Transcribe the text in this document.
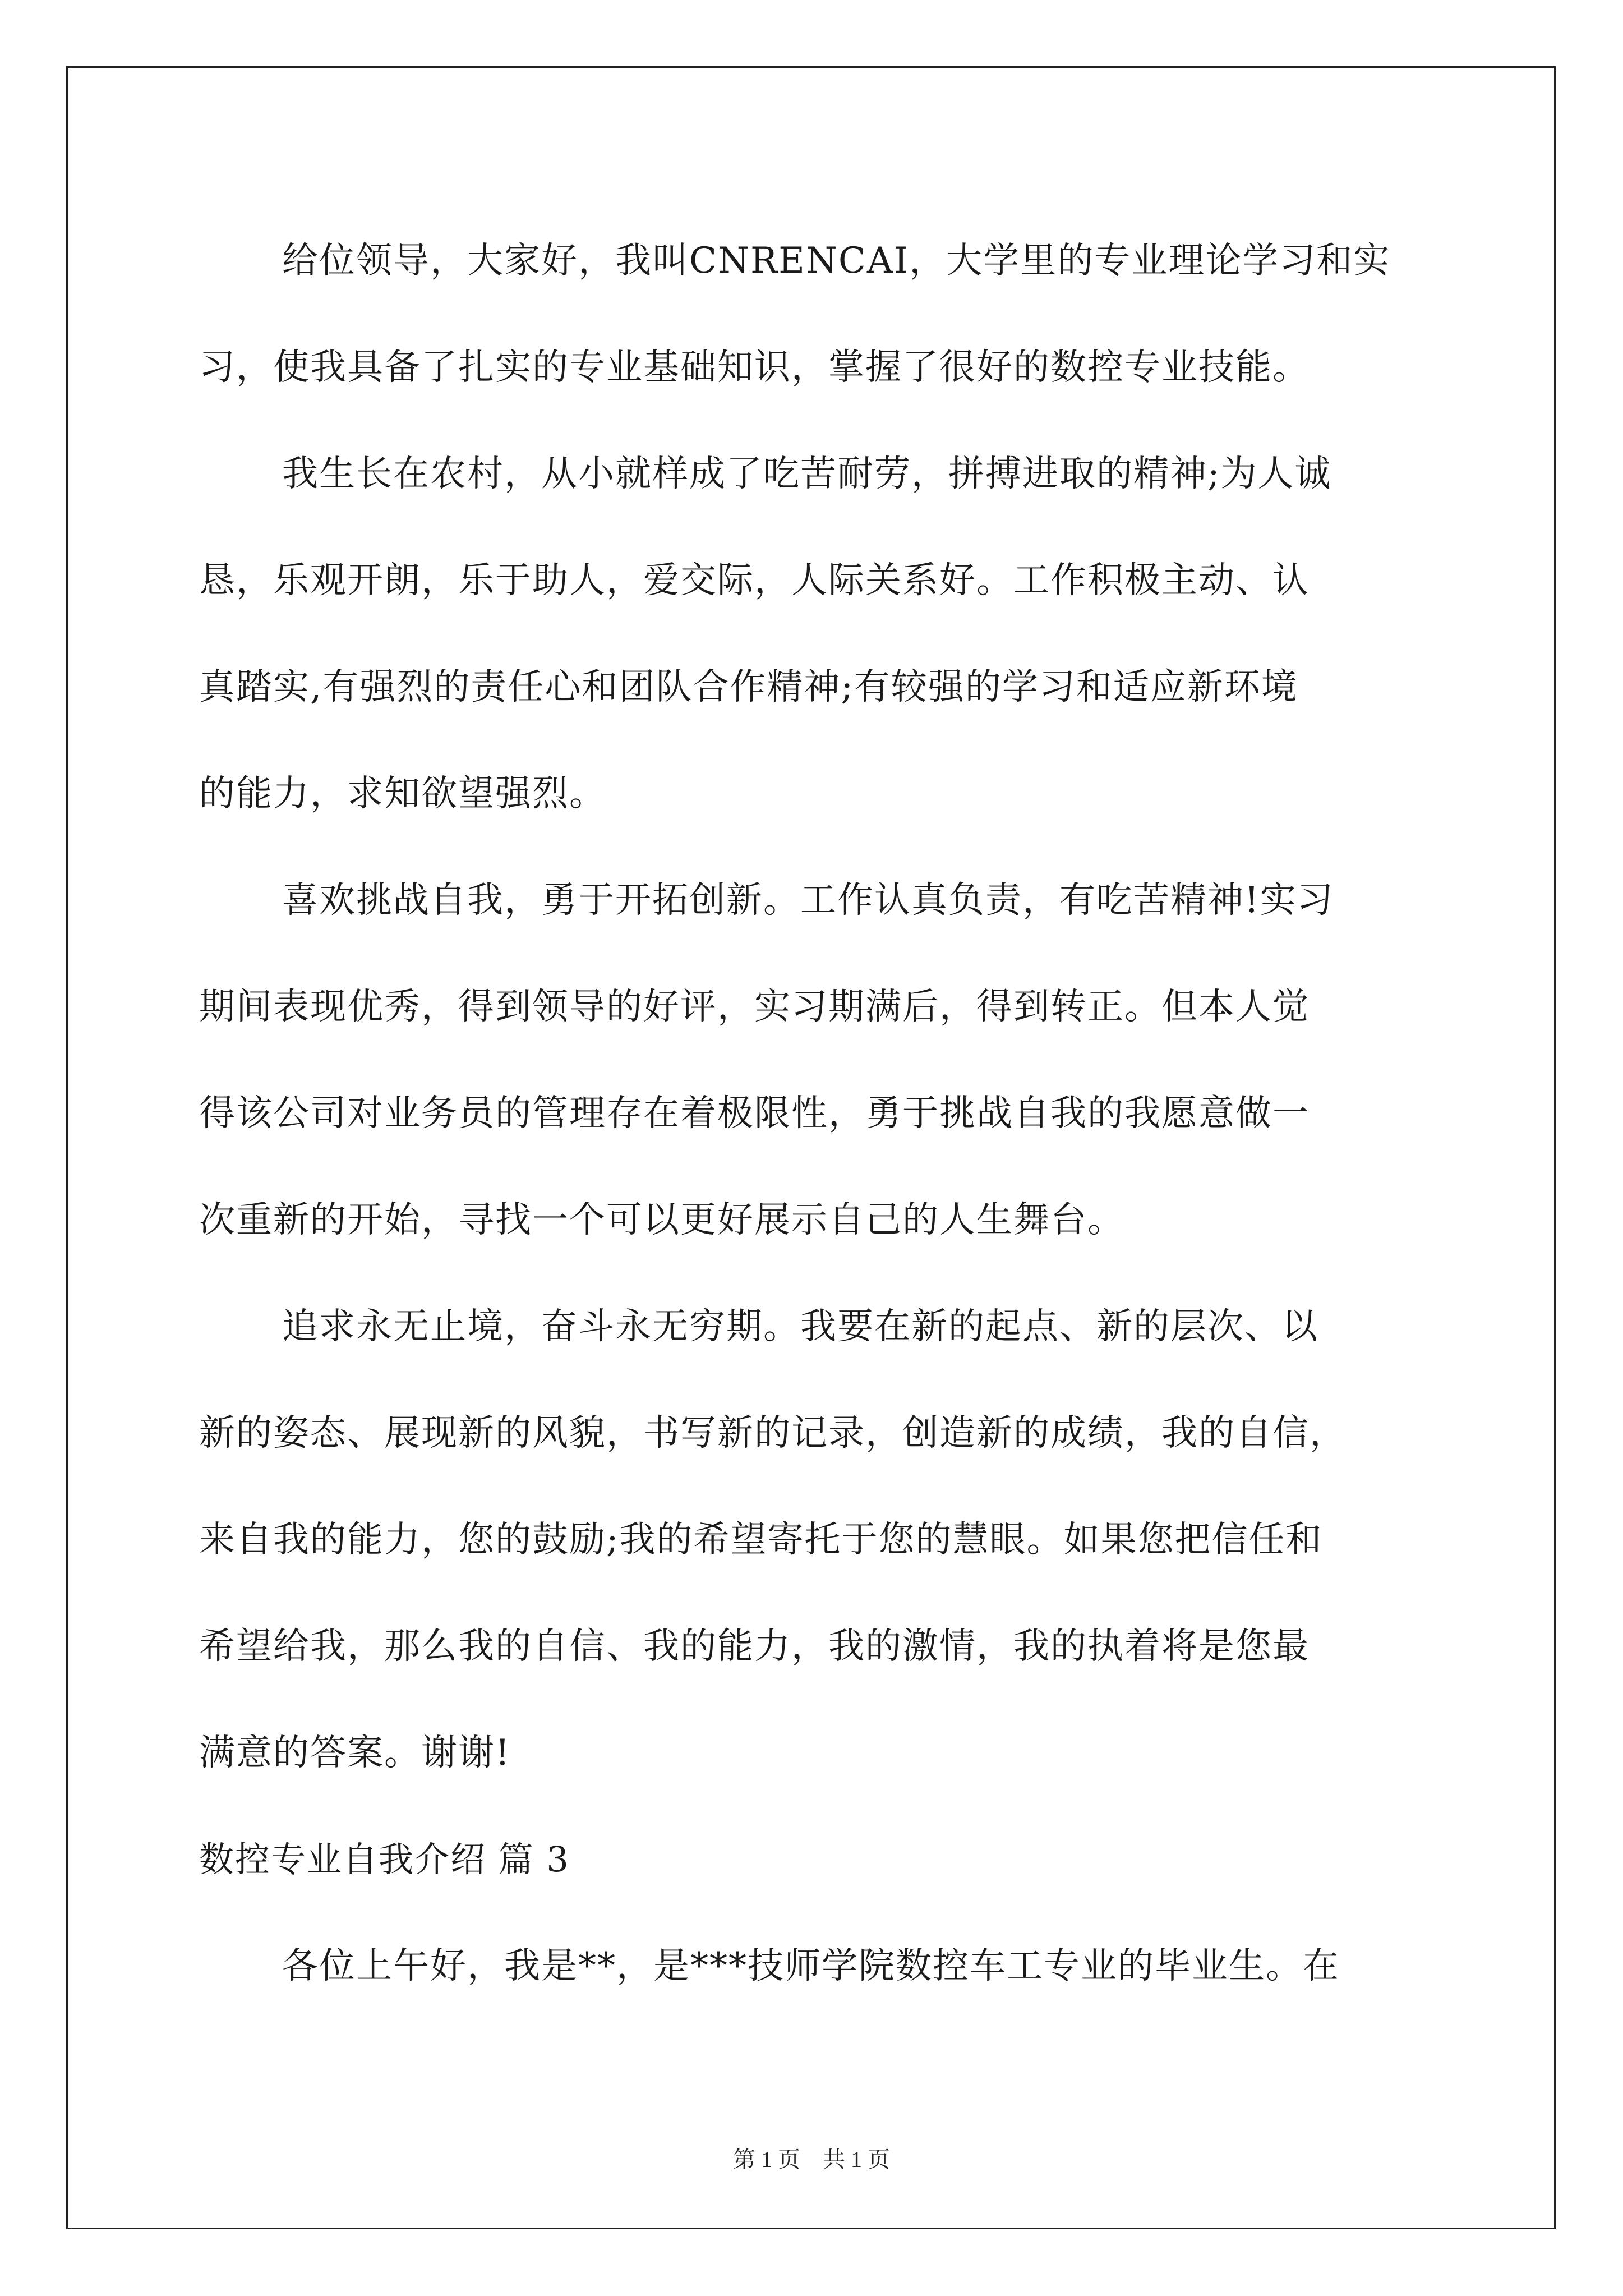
给位领导，大家好，我叫CNRENCAI，大学里的专业理论学习和实
习，使我具备了扎实的专业基础知识，掌握了很好的数控专业技能。
我生长在农村，从小就样成了吃苦耐劳，拼搏进取的精神;为人诚
恳，乐观开朗，乐于助人，爱交际，人际关系好。工作积极主动、认
真踏实,有强烈的责任心和团队合作精神;有较强的学习和适应新环境
的能力，求知欲望强烈。
喜欢挑战自我，勇于开拓创新。工作认真负责，有吃苦精神!实习
期间表现优秀，得到领导的好评，实习期满后，得到转正。但本人觉
得该公司对业务员的管理存在着极限性，勇于挑战自我的我愿意做一
次重新的开始，寻找一个可以更好展示自己的人生舞台。
追求永无止境，奋斗永无穷期。我要在新的起点、新的层次、以
新的姿态、展现新的风貌，书写新的记录，创造新的成绩，我的自信，
来自我的能力，您的鼓励;我的希望寄托于您的慧眼。如果您把信任和
希望给我，那么我的自信、我的能力，我的激情，我的执着将是您最
满意的答案。谢谢!
数控专业自我介绍 篇 3
各位上午好，我是**，是***技师学院数控车工专业的毕业生。在
第 1 页　共 1 页
